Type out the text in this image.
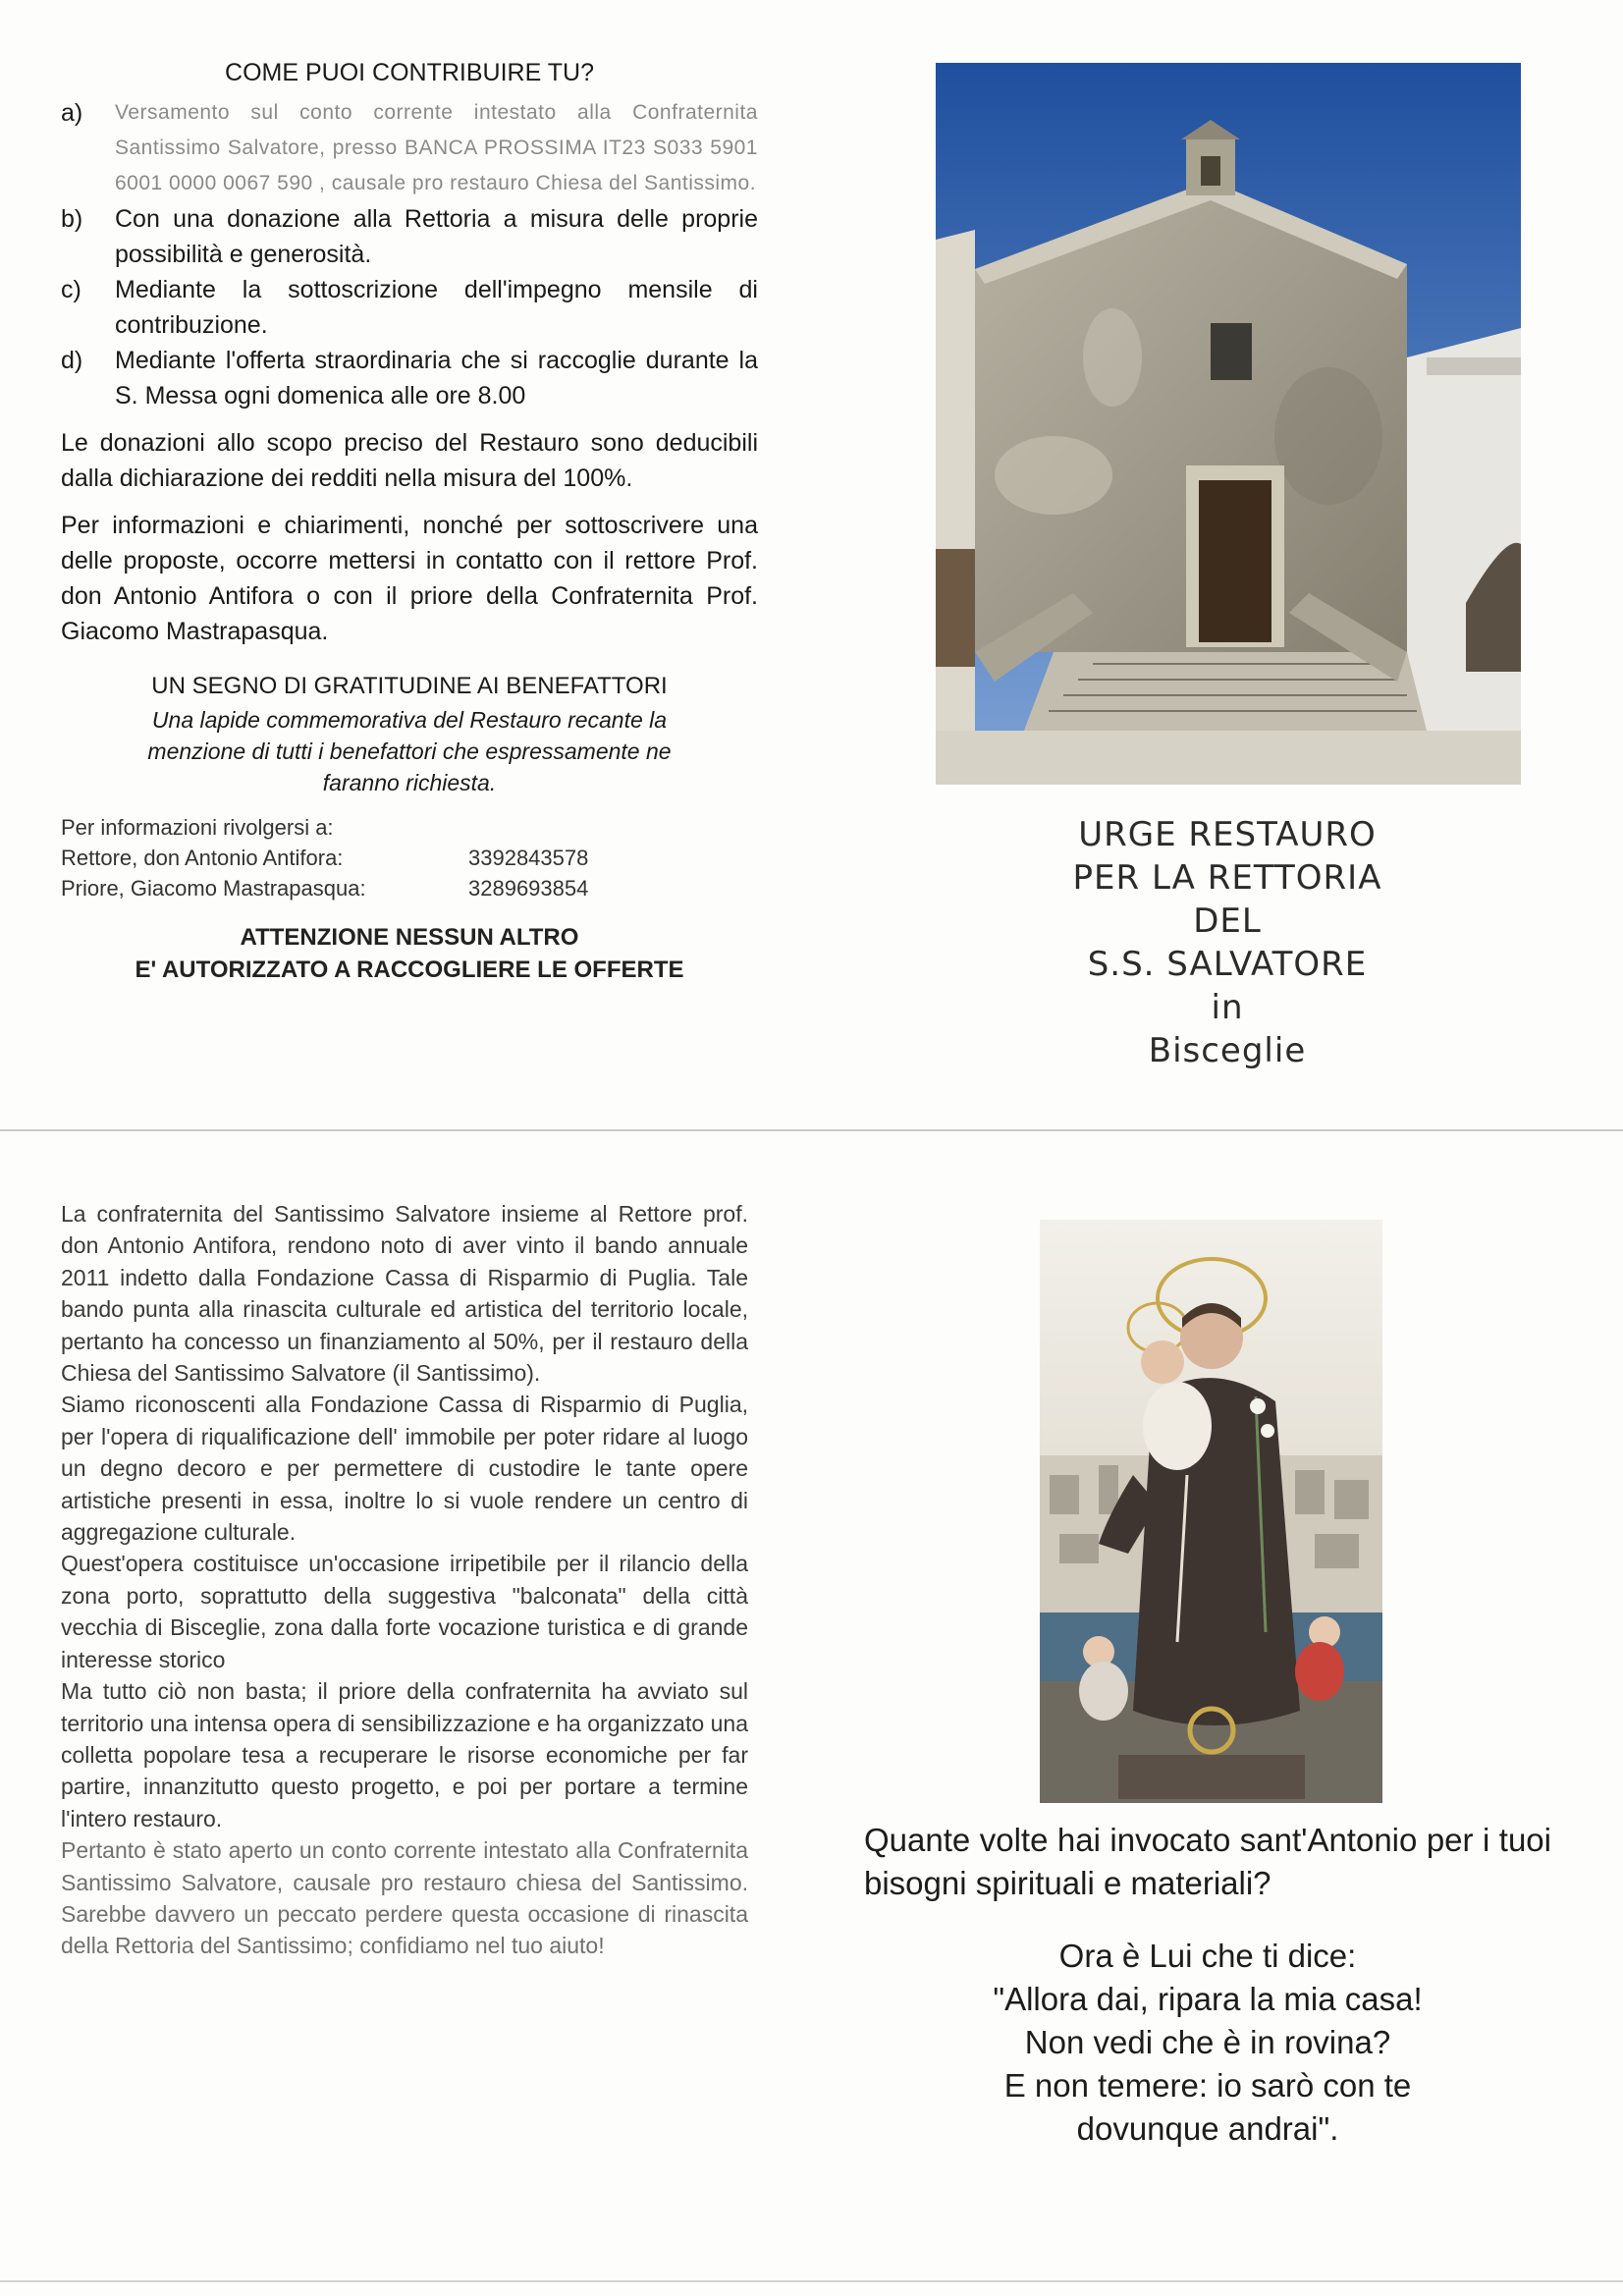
COME PUOI CONTRIBUIRE TU?
a)	Versamento sul conto corrente intestato alla Confraternita Santissimo Salvatore, presso BANCA PROSSIMA IT23 S033 5901 6001 0000 0067 590 , causale pro restauro Chiesa del Santissimo.
b)	Con una donazione alla Rettoria a misura delle proprie possibilità e generosità.
c)	Mediante la sottoscrizione dell'impegno mensile di contribuzione.
d)	Mediante l'offerta straordinaria che si raccoglie durante la S. Messa ogni domenica alle ore 8.00

Le donazioni allo scopo preciso del Restauro sono deducibili dalla dichiarazione dei redditi nella misura del 100%.

Per informazioni e chiarimenti, nonché per sottoscrivere una delle proposte, occorre mettersi in contatto con il rettore Prof. don Antonio Antifora o con il priore della Confraternita Prof. Giacomo Mastrapasqua.

UN SEGNO DI GRATITUDINE AI BENEFATTORI
Una lapide commemorativa del Restauro recante la menzione di tutti i benefattori che espressamente ne faranno richiesta.
Per informazioni rivolgersi a:
Rettore, don Antonio Antifora:	3392843578
Priore, Giacomo Mastrapasqua:	3289693854
ATTENZIONE NESSUN ALTRO
E' AUTORIZZATO A RACCOGLIERE LE OFFERTE
URGE RESTAURO
PER LA RETTORIA
DEL
S.S. SALVATORE
in
Bisceglie

La confraternita del Santissimo Salvatore insieme al Rettore prof. don Antonio Antifora, rendono noto di aver vinto il bando annuale 2011 indetto dalla Fondazione Cassa di Risparmio di Puglia. Tale bando punta alla rinascita culturale ed artistica del territorio locale, pertanto ha concesso un finanziamento al 50%, per il restauro della Chiesa del Santissimo Salvatore (il Santissimo).

Siamo riconoscenti alla Fondazione Cassa di Risparmio di Puglia, per l'opera di riqualificazione dell' immobile per poter ridare al luogo un degno decoro e per permettere di custodire le tante opere artistiche presenti in essa, inoltre lo si vuole rendere un centro di aggregazione culturale.

Quest'opera costituisce un'occasione irripetibile per il rilancio della zona porto, soprattutto della suggestiva "balconata" della città vecchia di Bisceglie, zona dalla forte vocazione turistica e di grande interesse storico

Ma tutto ciò non basta; il priore della confraternita ha avviato sul territorio una intensa opera di sensibilizzazione e ha organizzato una colletta popolare tesa a recuperare le risorse economiche per far partire, innanzitutto questo progetto, e poi per portare a termine l'intero restauro.

Pertanto è stato aperto un conto corrente intestato alla Confraternita Santissimo Salvatore, causale pro restauro chiesa del Santissimo. Sarebbe davvero un peccato perdere questa occasione di rinascita della Rettoria del Santissimo; confidiamo nel tuo aiuto!

Quante volte hai invocato sant'Antonio per i tuoi bisogni spirituali e materiali?
Ora è Lui che ti dice:
"Allora dai, ripara la mia casa!
Non vedi che è in rovina?
E non temere: io sarò con te
dovunque andrai".
